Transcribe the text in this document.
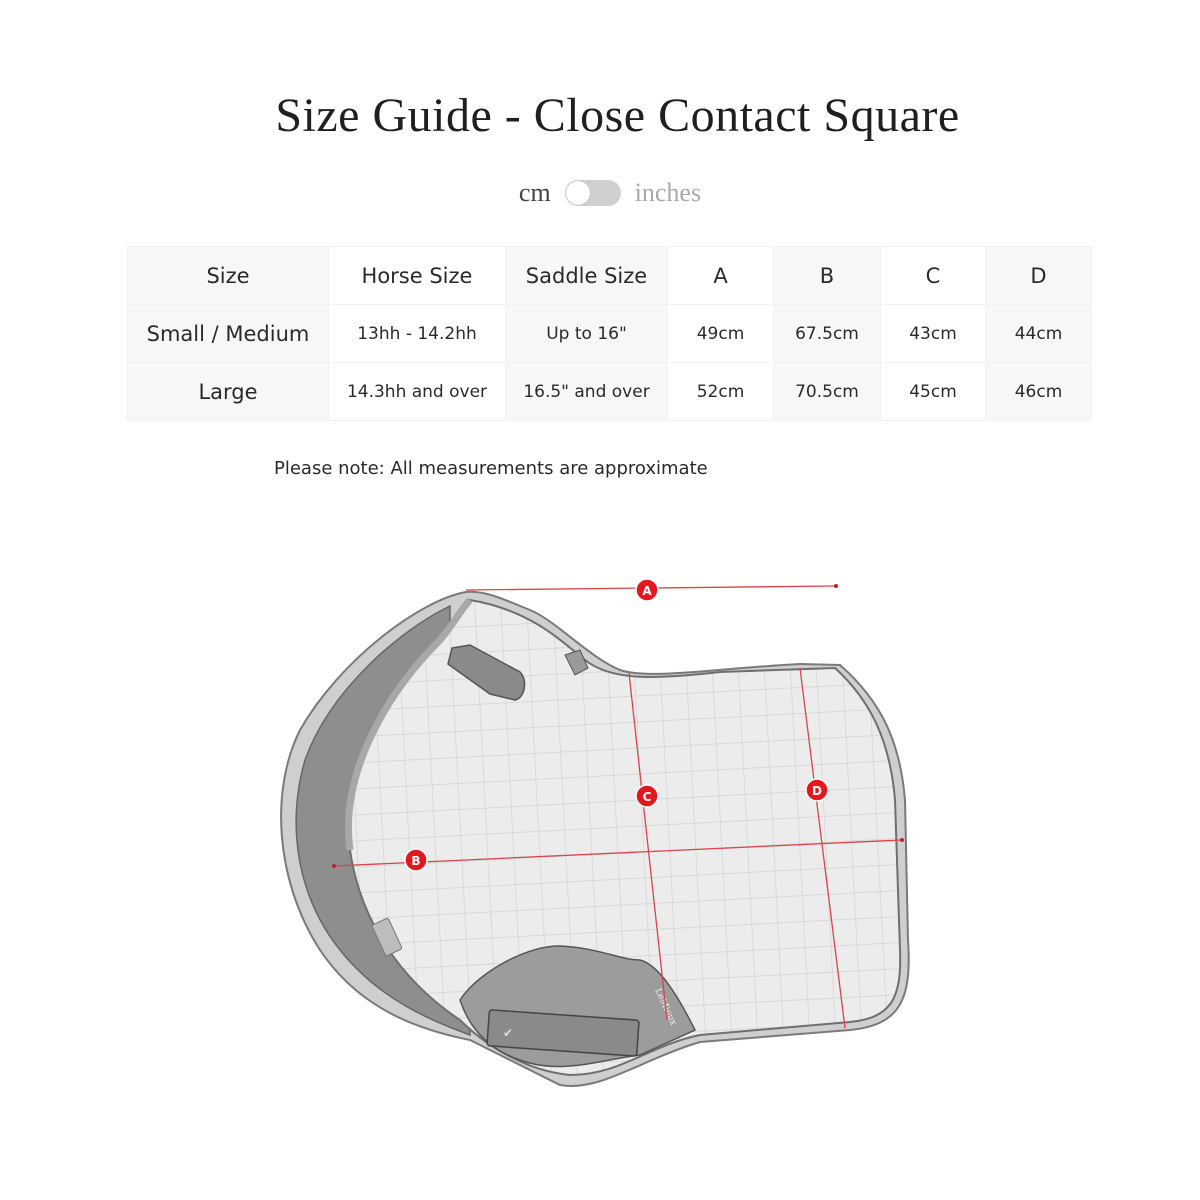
Size Guide - Close Contact Square
cm	inches
Size	Horse Size	Saddle Size	A	B	C	D
Small / Medium	13hh - 14.2hh	Up to 16"	49cm	67.5cm	43cm	44cm
Large	14.3hh and over	16.5" and over	52cm	70.5cm	45cm	46cm
Please note: All measurements are approximate
✔
LeMieux
A
B
C	D
